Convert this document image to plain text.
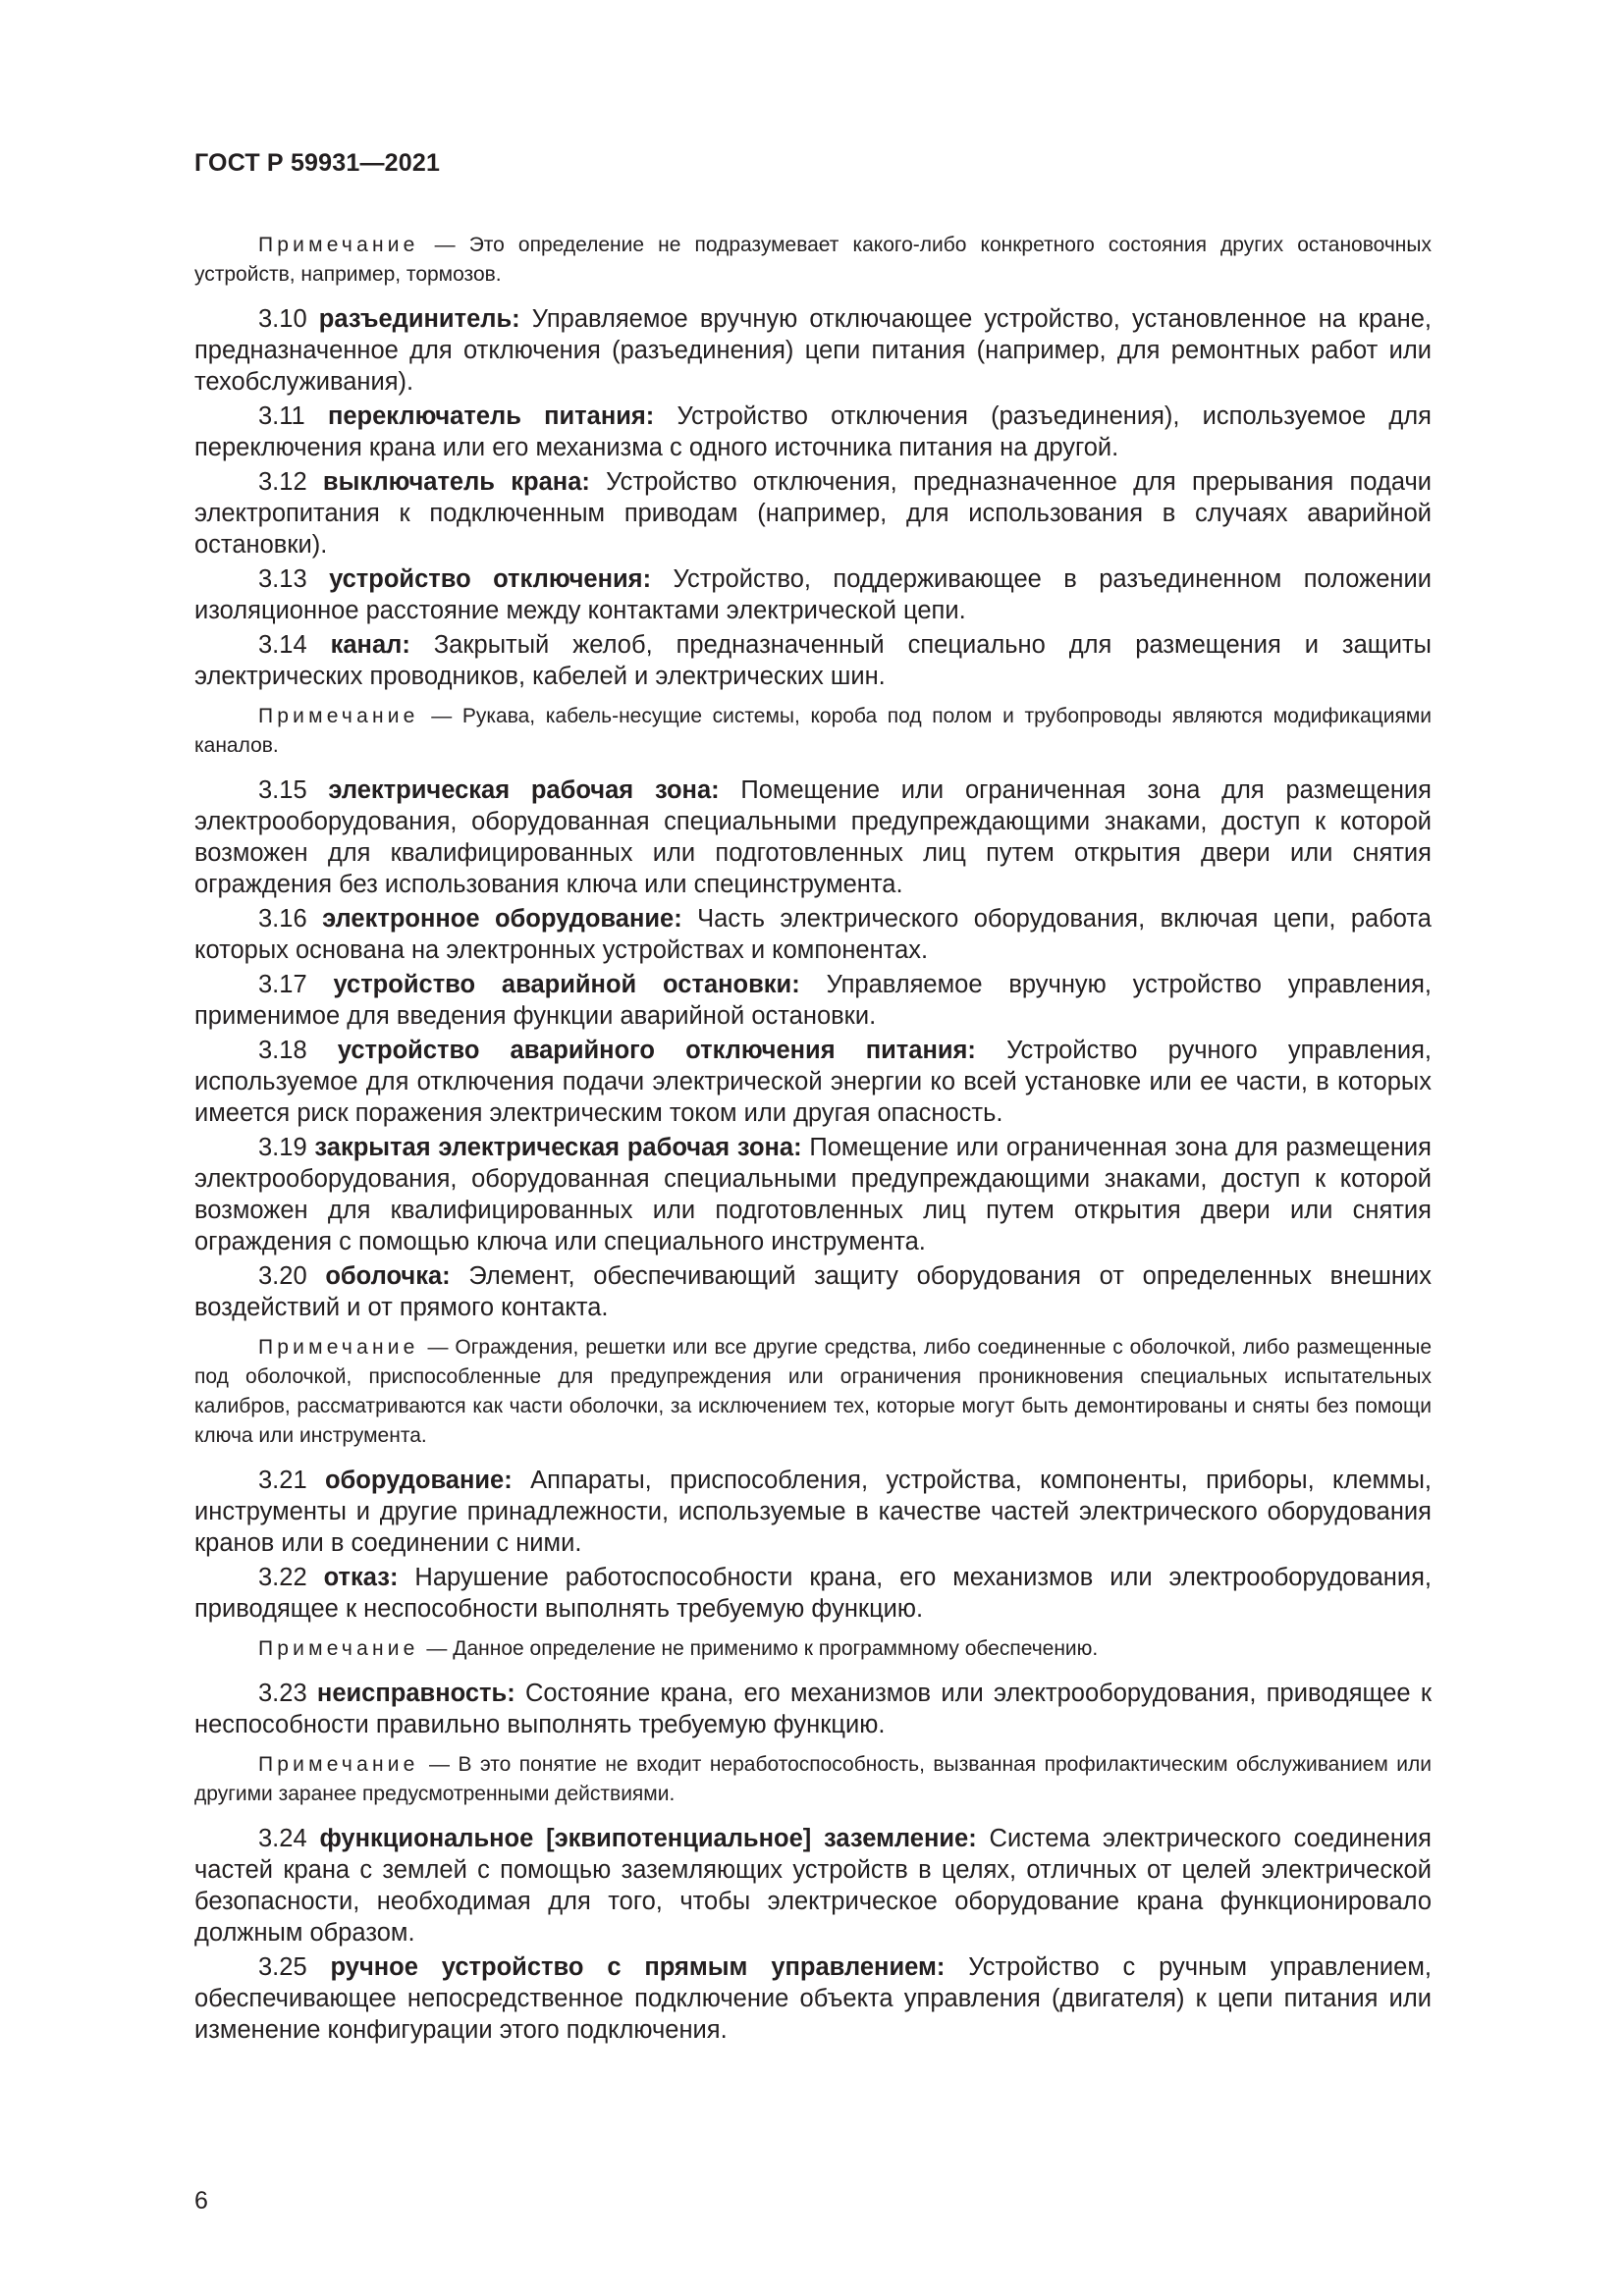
ГОСТ Р 59931—2021

Примечание — Это определение не подразумевает какого-либо конкретного состояния других остановочных устройств, например, тормозов.

3.10 разъединитель: Управляемое вручную отключающее устройство, установленное на кране, предназначенное для отключения (разъединения) цепи питания (например, для ремонтных работ или техобслуживания).

3.11 переключатель питания: Устройство отключения (разъединения), используемое для переключения крана или его механизма с одного источника питания на другой.

3.12 выключатель крана: Устройство отключения, предназначенное для прерывания подачи электропитания к подключенным приводам (например, для использования в случаях аварийной остановки).

3.13 устройство отключения: Устройство, поддерживающее в разъединенном положении изоляционное расстояние между контактами электрической цепи.

3.14 канал: Закрытый желоб, предназначенный специально для размещения и защиты электрических проводников, кабелей и электрических шин.

Примечание — Рукава, кабель-несущие системы, короба под полом и трубопроводы являются модификациями каналов.

3.15 электрическая рабочая зона: Помещение или ограниченная зона для размещения электрооборудования, оборудованная специальными предупреждающими знаками, доступ к которой возможен для квалифицированных или подготовленных лиц путем открытия двери или снятия ограждения без использования ключа или специнструмента.

3.16 электронное оборудование: Часть электрического оборудования, включая цепи, работа которых основана на электронных устройствах и компонентах.

3.17 устройство аварийной остановки: Управляемое вручную устройство управления, применимое для введения функции аварийной остановки.

3.18 устройство аварийного отключения питания: Устройство ручного управления, используемое для отключения подачи электрической энергии ко всей установке или ее части, в которых имеется риск поражения электрическим током или другая опасность.

3.19 закрытая электрическая рабочая зона: Помещение или ограниченная зона для размещения электрооборудования, оборудованная специальными предупреждающими знаками, доступ к которой возможен для квалифицированных или подготовленных лиц путем открытия двери или снятия ограждения с помощью ключа или специального инструмента.

3.20 оболочка: Элемент, обеспечивающий защиту оборудования от определенных внешних воздействий и от прямого контакта.

Примечание — Ограждения, решетки или все другие средства, либо соединенные с оболочкой, либо размещенные под оболочкой, приспособленные для предупреждения или ограничения проникновения специальных испытательных калибров, рассматриваются как части оболочки, за исключением тех, которые могут быть демонтированы и сняты без помощи ключа или инструмента.

3.21 оборудование: Аппараты, приспособления, устройства, компоненты, приборы, клеммы, инструменты и другие принадлежности, используемые в качестве частей электрического оборудования кранов или в соединении с ними.

3.22 отказ: Нарушение работоспособности крана, его механизмов или электрооборудования, приводящее к неспособности выполнять требуемую функцию.

Примечание — Данное определение не применимо к программному обеспечению.

3.23 неисправность: Состояние крана, его механизмов или электрооборудования, приводящее к неспособности правильно выполнять требуемую функцию.

Примечание — В это понятие не входит неработоспособность, вызванная профилактическим обслуживанием или другими заранее предусмотренными действиями.

3.24 функциональное [эквипотенциальное] заземление: Система электрического соединения частей крана с землей с помощью заземляющих устройств в целях, отличных от целей электрической безопасности, необходимая для того, чтобы электрическое оборудование крана функционировало должным образом.

3.25 ручное устройство с прямым управлением: Устройство с ручным управлением, обеспечивающее непосредственное подключение объекта управления (двигателя) к цепи питания или изменение конфигурации этого подключения.

6
